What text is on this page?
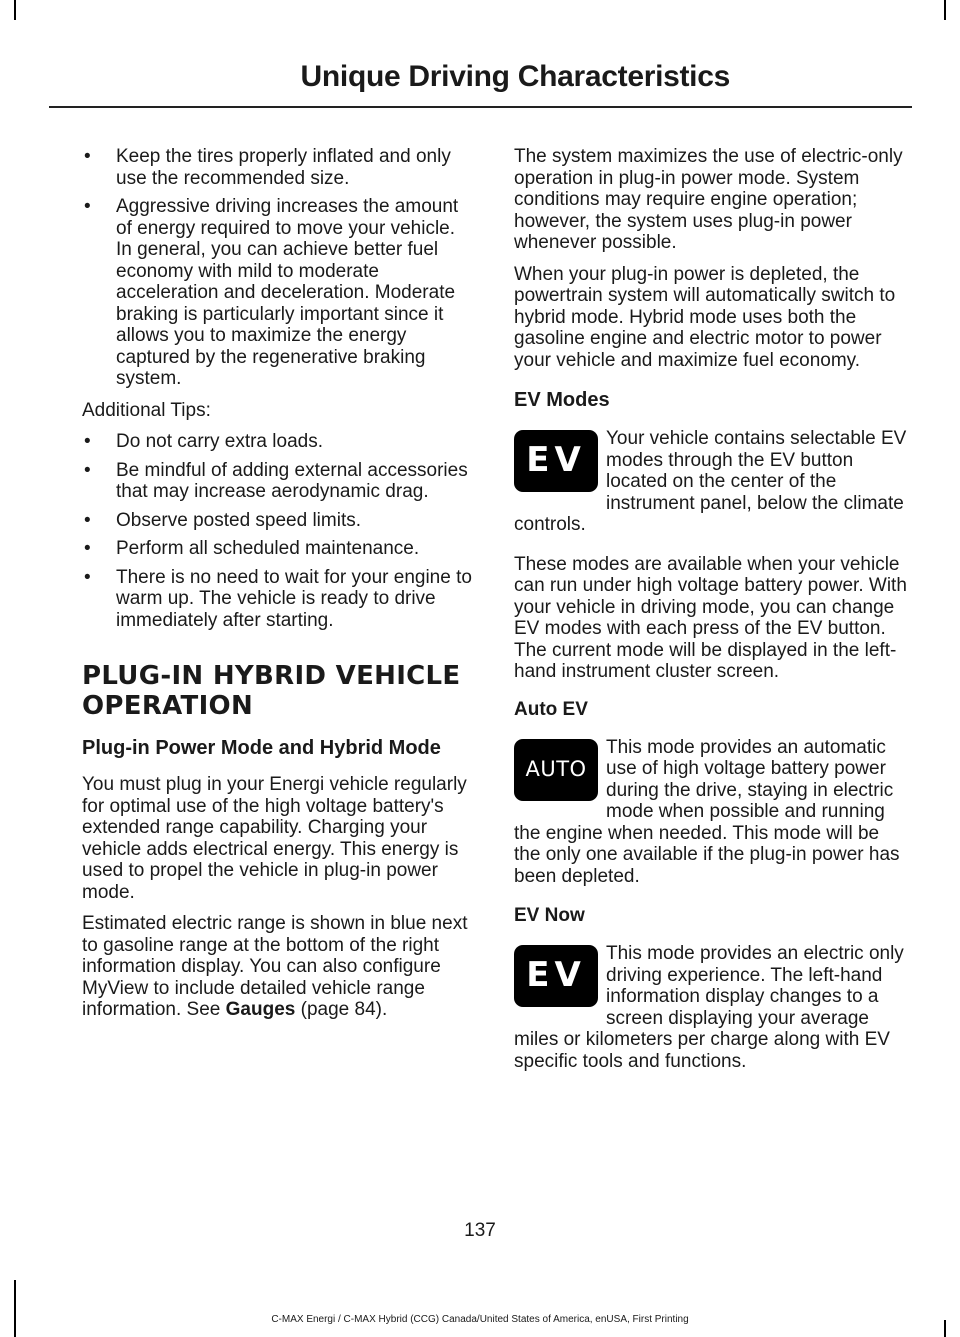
Unique Driving Characteristics
• Keep the tires properly inflated and only use the recommended size.
• Aggressive driving increases the amount of energy required to move your vehicle. In general, you can achieve better fuel economy with mild to moderate acceleration and deceleration. Moderate braking is particularly important since it allows you to maximize the energy captured by the regenerative braking system.

Additional Tips:

• Do not carry extra loads.
• Be mindful of adding external accessories that may increase aerodynamic drag.
• Observe posted speed limits.
• Perform all scheduled maintenance.
• There is no need to wait for your engine to warm up. The vehicle is ready to drive immediately after starting.
PLUG-IN HYBRID VEHICLE
OPERATION
Plug-in Power Mode and Hybrid Mode

You must plug in your Energi vehicle regularly for optimal use of the high voltage battery's extended range capability. Charging your vehicle adds electrical energy. This energy is used to propel the vehicle in plug-in power mode.

Estimated electric range is shown in blue next to gasoline range at the bottom of the right information display. You can also configure MyView to include detailed vehicle range information. See Gauges (page 84).

The system maximizes the use of electric-only operation in plug-in power mode. System conditions may require engine operation; however, the system uses plug-in power whenever possible.

When your plug-in power is depleted, the powertrain system will automatically switch to hybrid mode. Hybrid mode uses both the gasoline engine and electric motor to power your vehicle and maximize fuel economy.

EV Modes
EV
Your vehicle contains selectable EV modes through the EV button located on the center of the instrument panel, below the climate controls.

These modes are available when your vehicle can run under high voltage battery power. With your vehicle in driving mode, you can change EV modes with each press of the EV button. The current mode will be displayed in the left-hand instrument cluster screen.

Auto EV
AUTO
This mode provides an automatic use of high voltage battery power during the drive, staying in electric mode when possible and running the engine when needed. This mode will be the only one available if the plug-in power has been depleted.
EV Now
EV
This mode provides an electric only driving experience. The left-hand information display changes to a screen displaying your average miles or kilometers per charge along with EV specific tools and functions.
137
C-MAX Energi / C-MAX Hybrid (CCG) Canada/United States of America, enUSA, First Printing
